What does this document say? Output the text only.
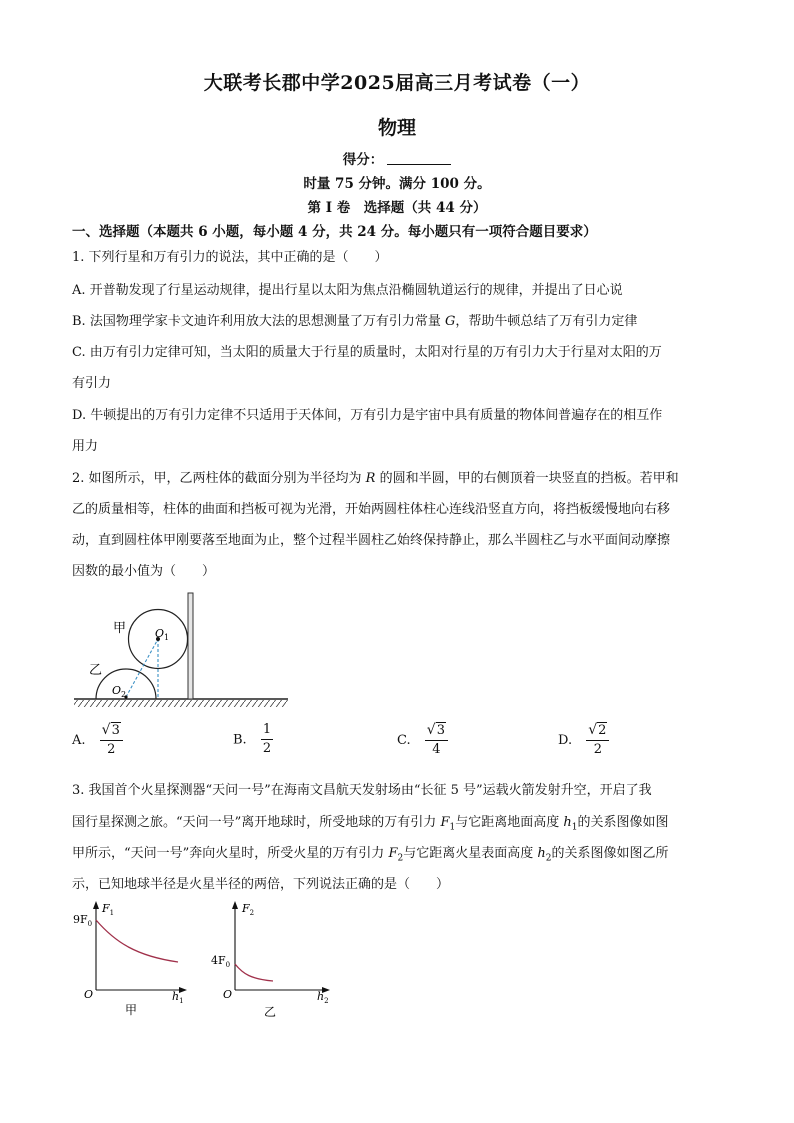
大联考长郡中学2025届高三月考试卷（一）
物理
得分：
时量 75 分钟。满分 100 分。
第 I 卷　选择题（共 44 分）
一、选择题（本题共 6 小题，每小题 4 分，共 24 分。每小题只有一项符合题目要求）
1. 下列行星和万有引力的说法，其中正确的是（　　）
A. 开普勒发现了行星运动规律，提出行星以太阳为焦点沿椭圆轨道运行的规律，并提出了日心说
B. 法国物理学家卡文迪许利用放大法的思想测量了万有引力常量 G，帮助牛顿总结了万有引力定律
C. 由万有引力定律可知，当太阳的质量大于行星的质量时，太阳对行星的万有引力大于行星对太阳的万
有引力
D. 牛顿提出的万有引力定律不只适用于天体间，万有引力是宇宙中具有质量的物体间普遍存在的相互作
用力
2. 如图所示，甲，乙两柱体的截面分别为半径均为 R 的圆和半圆，甲的右侧顶着一块竖直的挡板。若甲和
乙的质量相等，柱体的曲面和挡板可视为光滑，开始两圆柱体柱心连线沿竖直方向，将挡板缓慢地向右移
动，直到圆柱体甲刚要落至地面为止，整个过程半圆柱乙始终保持静止，那么半圆柱乙与水平面间动摩擦
因数的最小值为（　　）
甲
乙
$O_1$
$O_2$
A. $\frac{√3}{2}$	B. $\frac{1}{2}$	C. $\frac{√3}{4}$	D. $\frac{√2}{2}$
3. 我国首个火星探测器“天问一号”在海南文昌航天发射场由“长征 5 号”运载火箭发射升空，开启了我
国行星探测之旅。“天问一号”离开地球时，所受地球的万有引力 $F_1$与它距离地面高度 $h_1$的关系图像如图
甲所示，“天问一号”奔向火星时，所受火星的万有引力 $F_2$与它距离火星表面高度 $h_2$的关系图像如图乙所
示，已知地球半径是火星半径的两倍，下列说法正确的是（　　）
$F_1$
$9F_0$
O	$h_1$
甲
$F_2$
$4F_0$
O	$h_2$
乙
